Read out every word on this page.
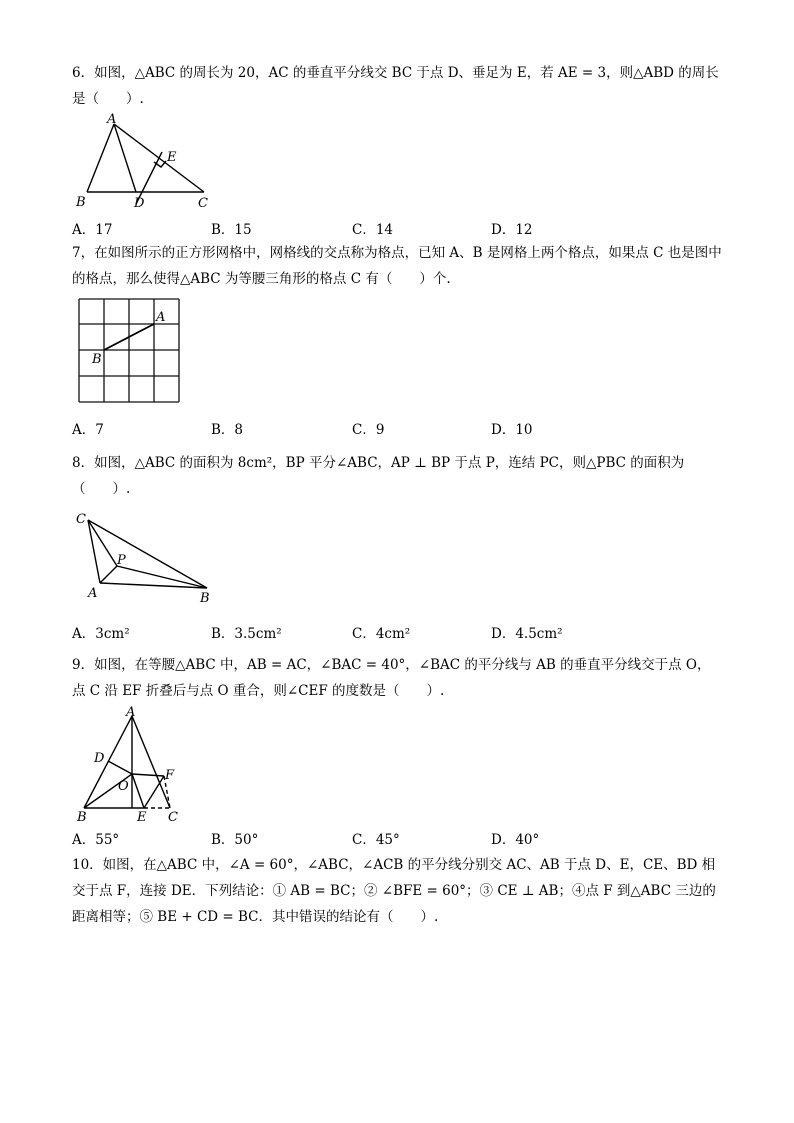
6．如图，△ABC 的周长为 20，AC 的垂直平分线交 BC 于点 D、垂足为 E，若 AE = 3，则△ABD 的周长是（　　）.
A
B	C
D
E
A．17	B．15	C．14	D．12
7，在如图所示的正方形网格中，网格线的交点称为格点，已知 A、B 是网格上两个格点，如果点 C 也是图中的格点，那么使得△ABC 为等腰三角形的格点 C 有（　　）个.
A
B
A．7	B．8	C．9	D．10
8．如图，△ABC 的面积为 8cm²，BP 平分∠ABC，AP ⊥ BP 于点 P，连结 PC，则△PBC 的面积为（　　）.
C
P
A	B
A．3cm²	B．3.5cm²	C．4cm²	D．4.5cm²
9．如图，在等腰△ABC 中，AB = AC，∠BAC = 40°，∠BAC 的平分线与 AB 的垂直平分线交于点 O，点 C 沿 EF 折叠后与点 O 重合，则∠CEF 的度数是（　　）.
A
D
O
F
B	E C
A．55°	B．50°	C．45°	D．40°
10．如图，在△ABC 中，∠A = 60°，∠ABC，∠ACB 的平分线分别交 AC、AB 于点 D、E，CE、BD 相交于点 F，连接 DE．下列结论：① AB = BC；② ∠BFE = 60°；③ CE ⊥ AB；④点 F 到△ABC 三边的距离相等；⑤ BE + CD = BC．其中错误的结论有（　　）.
